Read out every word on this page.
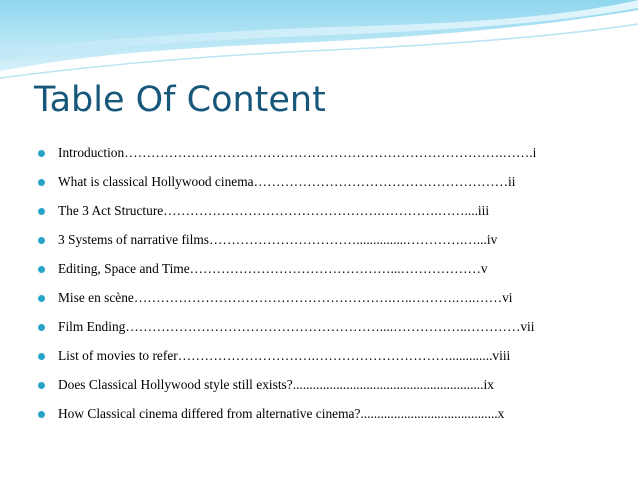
Table Of Content
Introduction………………………………………………………………………….…….i
What is classical Hollywood cinema…………………………………………………ii
The 3 Act Structure………………………………………….………….……....iii
3 Systems of narrative films……………………………...............………….…...iv
Editing, Space and Time………………………………………...………………v
Mise en scène………………………………………………….…..……….…..……vi
Film Ending…………………………………………………....……………..…………vii
List of movies to refer………………………….………………………….............viii
Does Classical Hollywood style still exists?.........................................................ix
How Classical cinema differed from alternative cinema?.........................................x
